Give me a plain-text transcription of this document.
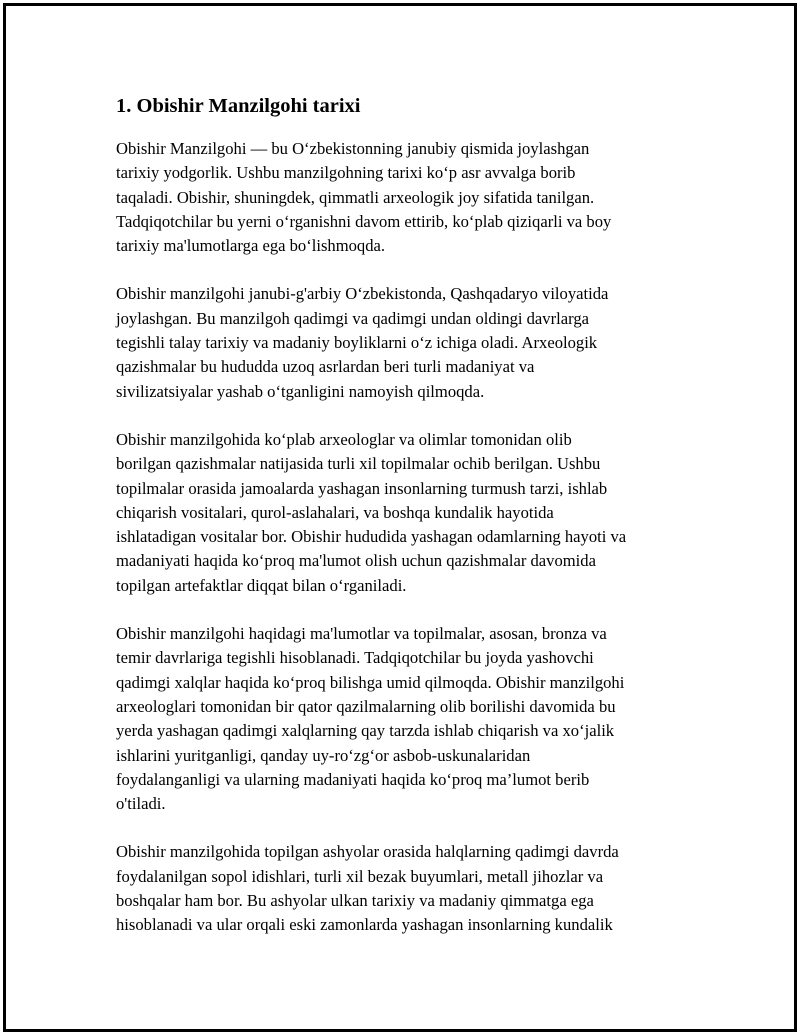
1. Obishir Manzilgohi tarixi
Obishir Manzilgohi — bu O‘zbekistonning janubiy qismida joylashgan
tarixiy yodgorlik. Ushbu manzilgohning tarixi ko‘p asr avvalga borib
taqaladi. Obishir, shuningdek, qimmatli arxeologik joy sifatida tanilgan.
Tadqiqotchilar bu yerni o‘rganishni davom ettirib, ko‘plab qiziqarli va boy
tarixiy ma'lumotlarga ega bo‘lishmoqda.
Obishir manzilgohi janubi-g'arbiy O‘zbekistonda, Qashqadaryo viloyatida
joylashgan. Bu manzilgoh qadimgi va qadimgi undan oldingi davrlarga
tegishli talay tarixiy va madaniy boyliklarni o‘z ichiga oladi. Arxeologik
qazishmalar bu hududda uzoq asrlardan beri turli madaniyat va
sivilizatsiyalar yashab o‘tganligini namoyish qilmoqda.
Obishir manzilgohida ko‘plab arxeologlar va olimlar tomonidan olib
borilgan qazishmalar natijasida turli xil topilmalar ochib berilgan. Ushbu
topilmalar orasida jamoalarda yashagan insonlarning turmush tarzi, ishlab
chiqarish vositalari, qurol-aslahalari, va boshqa kundalik hayotida
ishlatadigan vositalar bor. Obishir hududida yashagan odamlarning hayoti va
madaniyati haqida ko‘proq ma'lumot olish uchun qazishmalar davomida
topilgan artefaktlar diqqat bilan o‘rganiladi.
Obishir manzilgohi haqidagi ma'lumotlar va topilmalar, asosan, bronza va
temir davrlariga tegishli hisoblanadi. Tadqiqotchilar bu joyda yashovchi
qadimgi xalqlar haqida ko‘proq bilishga umid qilmoqda. Obishir manzilgohi
arxeologlari tomonidan bir qator qazilmalarning olib borilishi davomida bu
yerda yashagan qadimgi xalqlarning qay tarzda ishlab chiqarish va xo‘jalik
ishlarini yuritganligi, qanday uy-ro‘zg‘or asbob-uskunalaridan
foydalanganligi va ularning madaniyati haqida ko‘proq ma’lumot berib
o'tiladi.
Obishir manzilgohida topilgan ashyolar orasida halqlarning qadimgi davrda
foydalanilgan sopol idishlari, turli xil bezak buyumlari, metall jihozlar va
boshqalar ham bor. Bu ashyolar ulkan tarixiy va madaniy qimmatga ega
hisoblanadi va ular orqali eski zamonlarda yashagan insonlarning kundalik
